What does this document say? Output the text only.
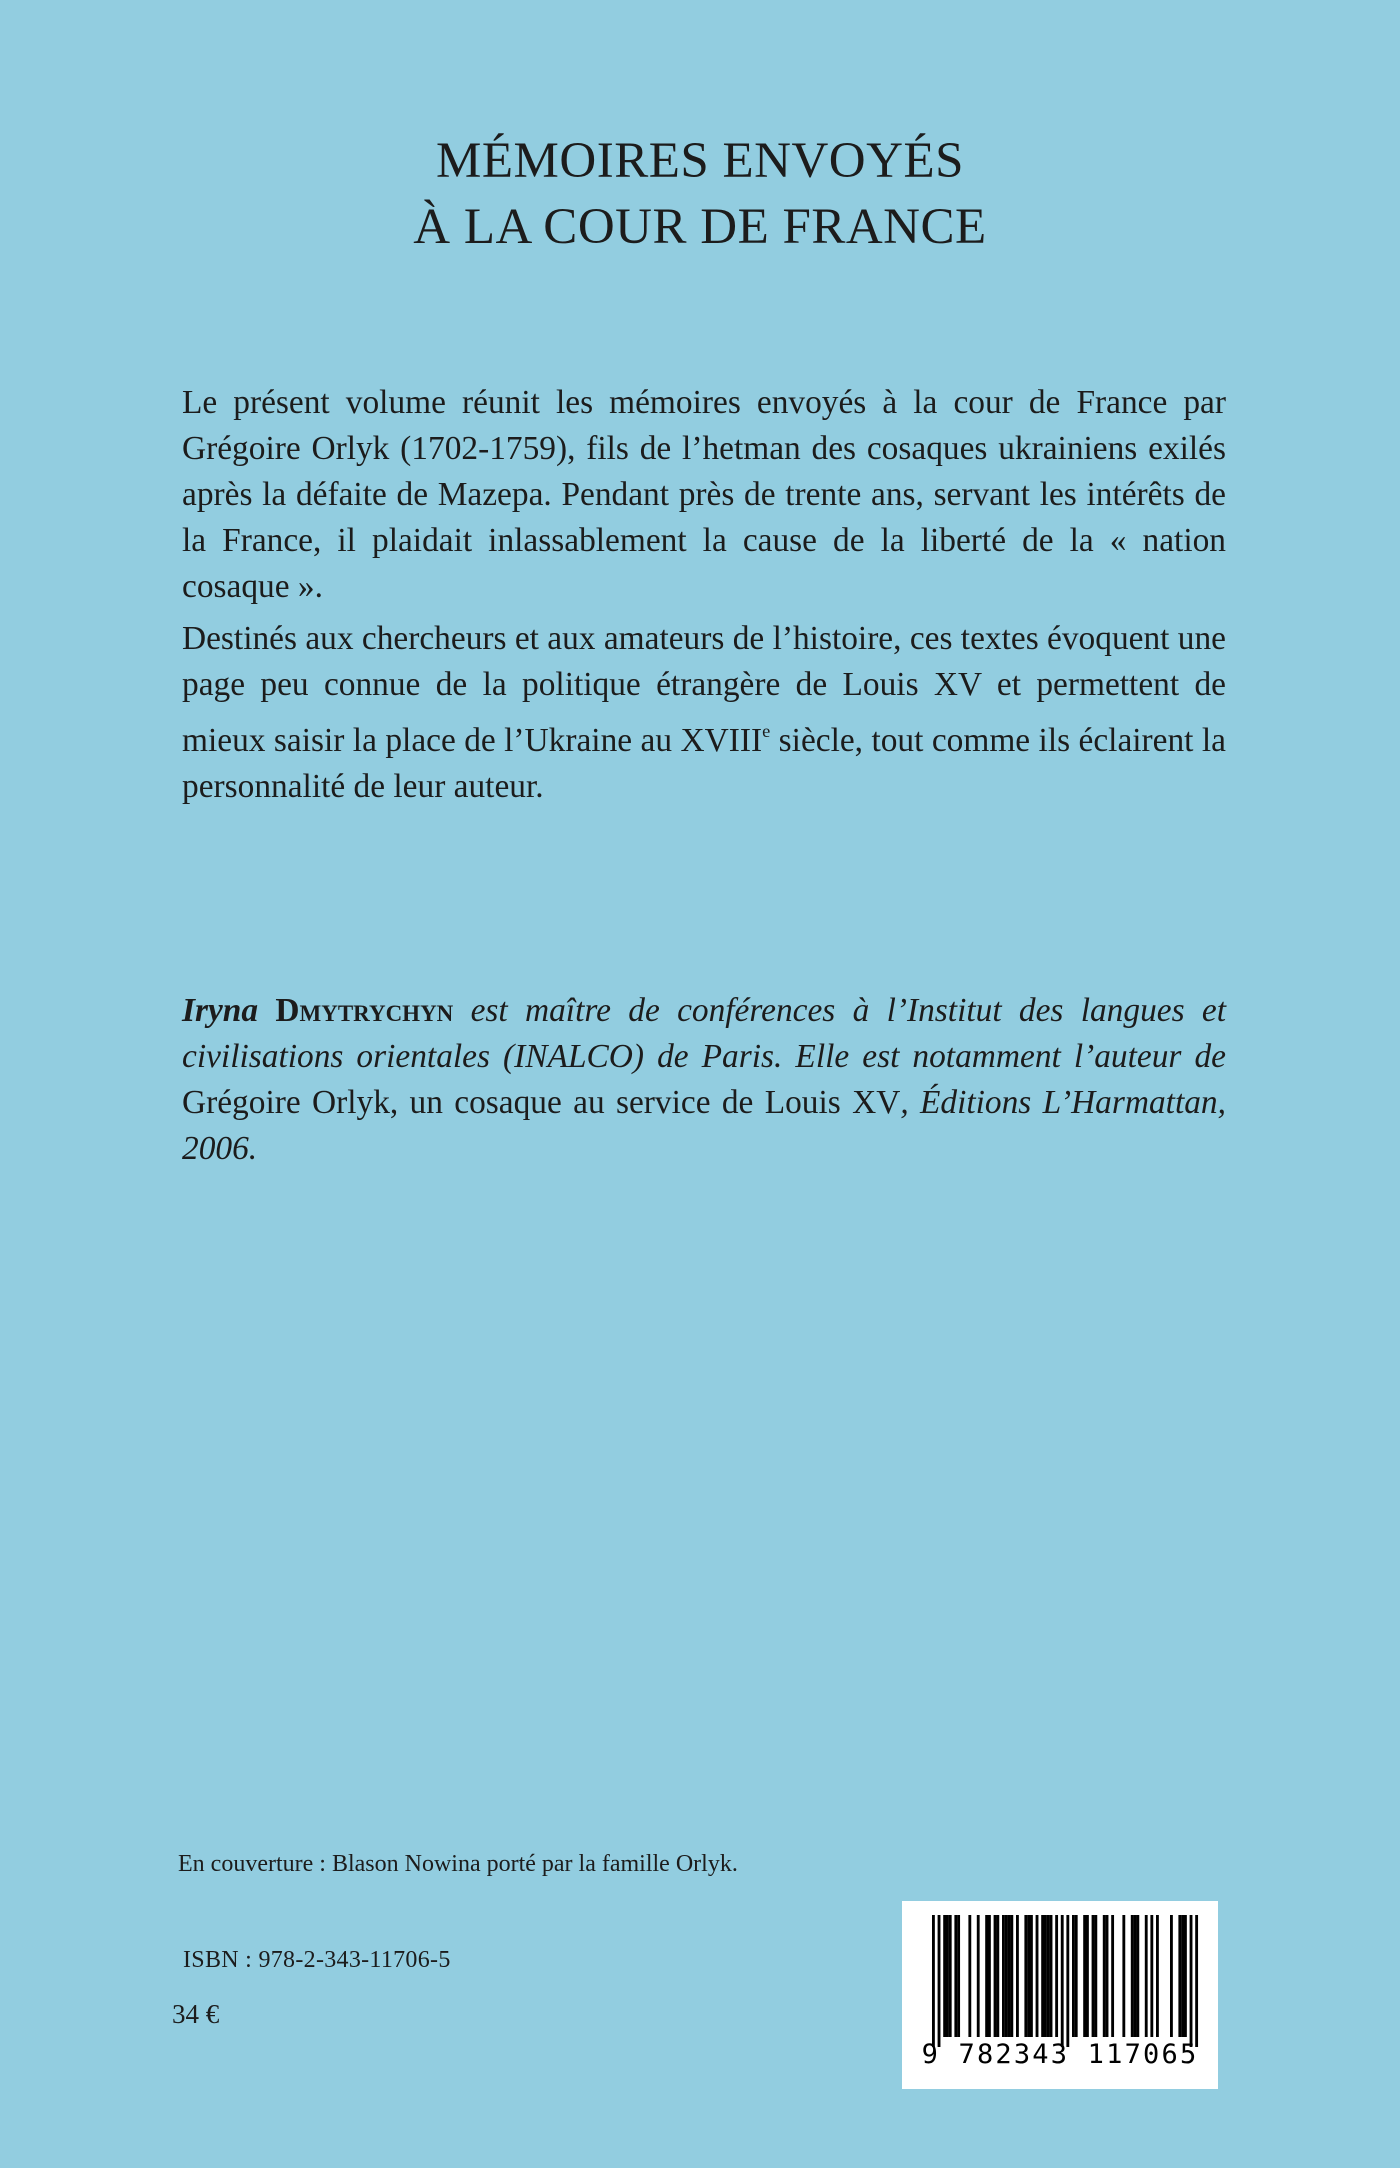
MÉMOIRES ENVOYÉS
À LA COUR DE FRANCE

Le présent volume réunit les mémoires envoyés à la cour de France par Grégoire Orlyk (1702-1759), fils de l’hetman des cosaques ukrainiens exilés après la défaite de Mazepa. Pendant près de trente ans, servant les intérêts de la France, il plaidait inlassablement la cause de la liberté de la « nation cosaque ».

Destinés aux chercheurs et aux amateurs de l’histoire, ces textes évoquent une page peu connue de la politique étrangère de Louis XV et permettent de mieux saisir la place de l’Ukraine au XVIIIe siècle, tout comme ils éclairent la personnalité de leur auteur.

Iryna Dmytrychyn est maître de conférences à l’Institut des langues et civilisations orientales (INALCO) de Paris. Elle est notamment l’auteur de Grégoire Orlyk, un cosaque au service de Louis XV, Éditions L’Harmattan, 2006.

En couverture : Blason Nowina porté par la famille Orlyk.

ISBN : 978-2-343-11706-5
34 €
9 782343 117065
